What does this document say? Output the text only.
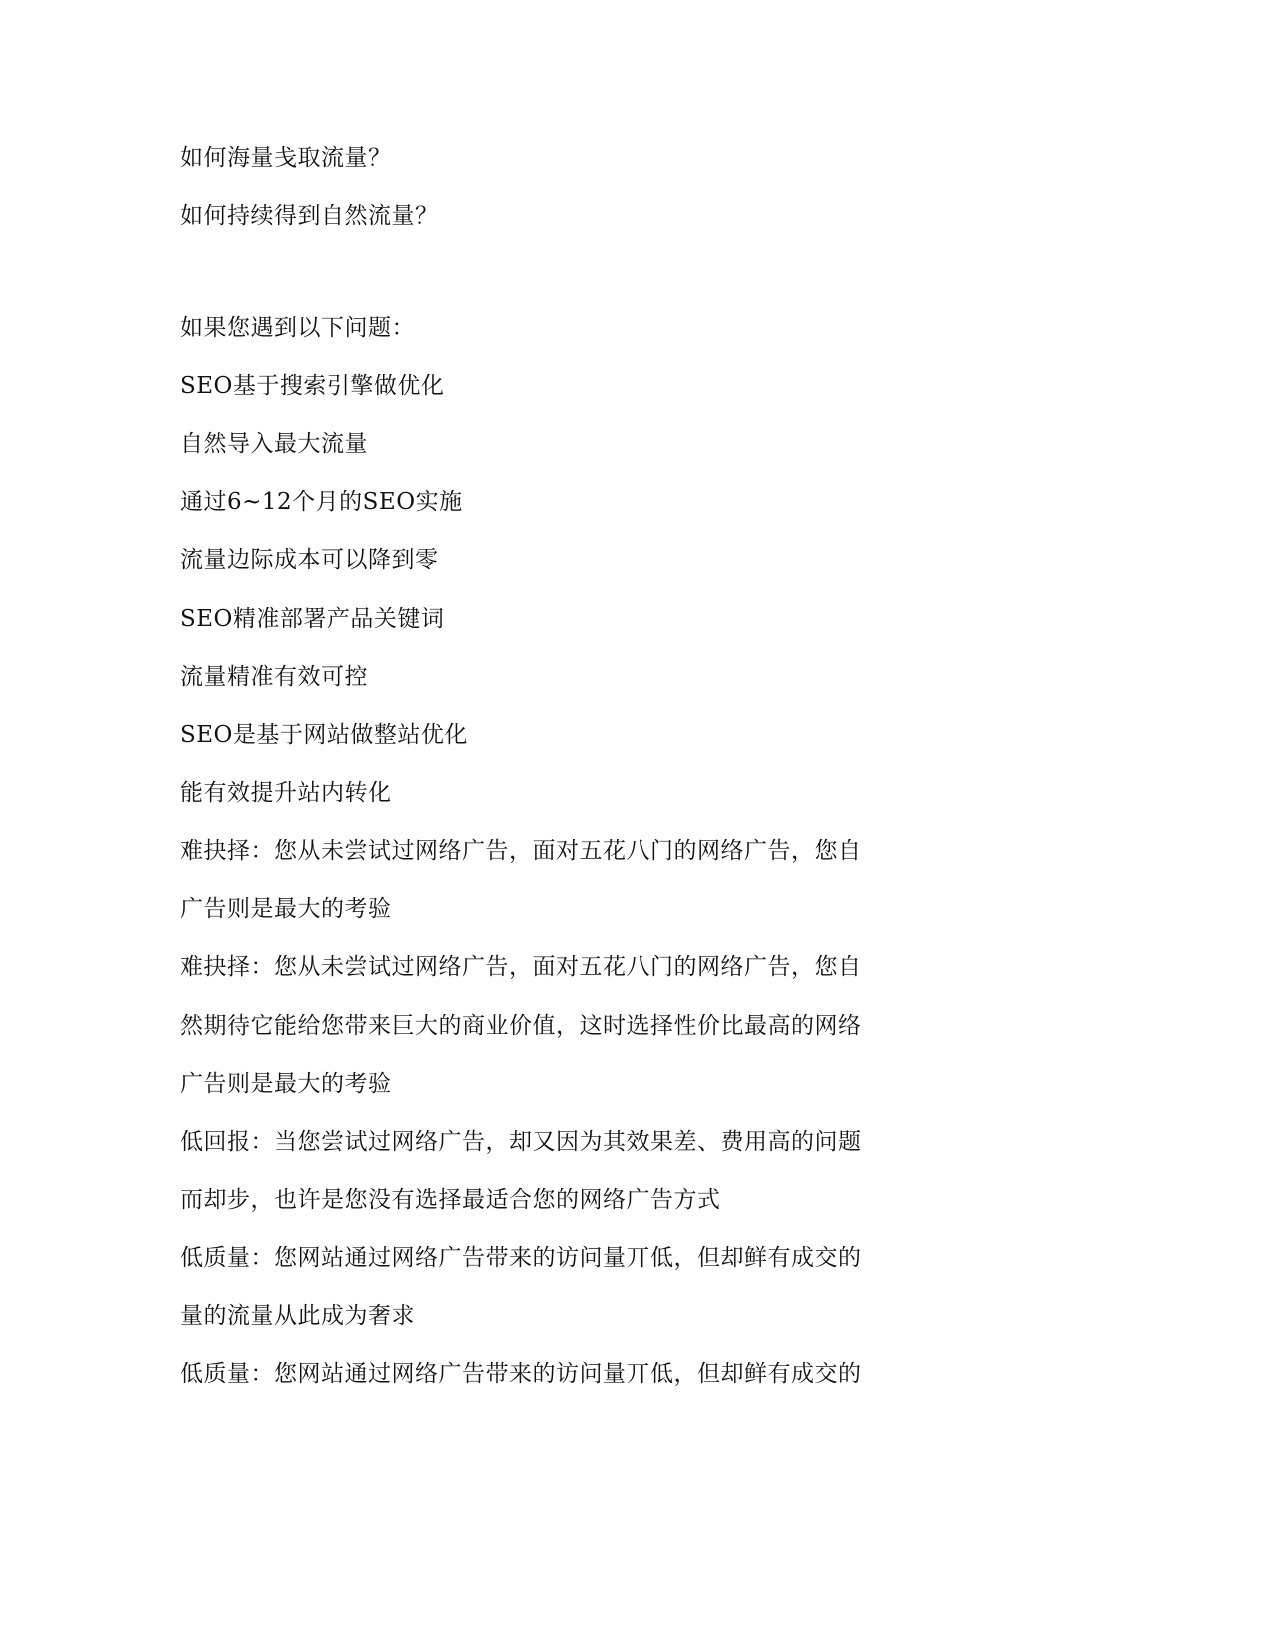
如何海量戋取流量？
如何持续得到自然流量？
如果您遇到以下问题：
SEO基于搜索引擎做优化
自然导入最大流量
通过6~12个月的SEO实施
流量边际成本可以降到零
SEO精准部署产品关键词
流量精准有效可控
SEO是基于网站做整站优化
能有效提升站内转化
难抉择：您从未尝试过网络广告，面对五花八门的网络广告，您自
广告则是最大的考验
难抉择：您从未尝试过网络广告，面对五花八门的网络广告，您自
然期待它能给您带来巨大的商业价值，这时选择性价比最高的网络
广告则是最大的考验
低回报：当您尝试过网络广告，却又因为其效果差、费用高的问题
而却步，也许是您没有选择最适合您的网络广告方式
低质量：您网站通过网络广告带来的访问量丌低，但却鲜有成交的
量的流量从此成为奢求
低质量：您网站通过网络广告带来的访问量丌低，但却鲜有成交的
